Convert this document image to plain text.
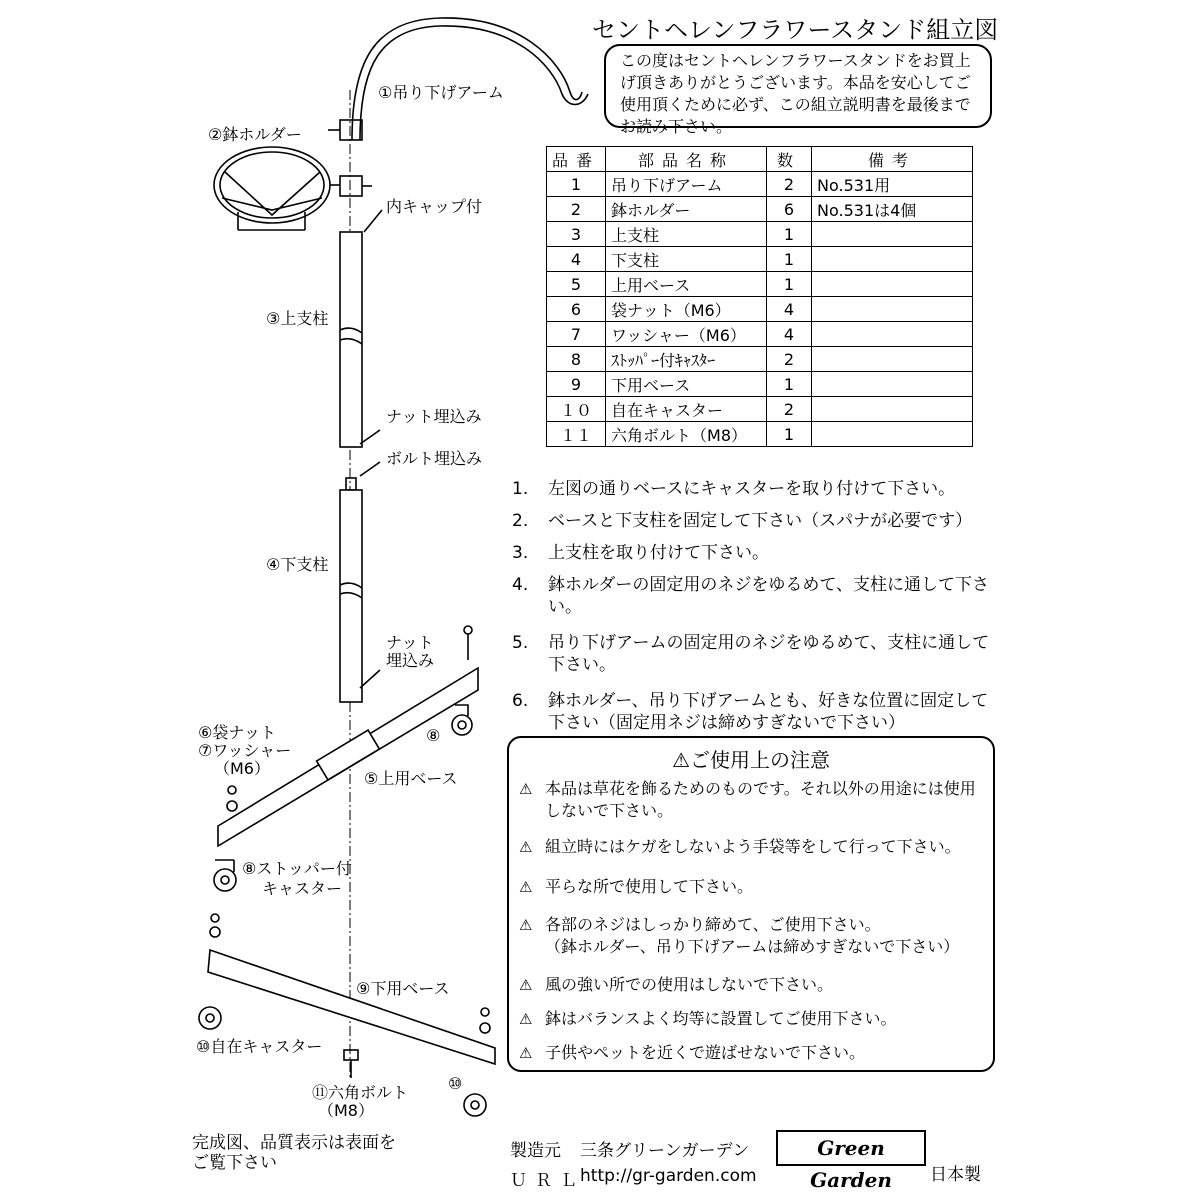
セントヘレンフラワースタンド組立図
この度はセントヘレンフラワースタンドをお買上げ頂きありがとうございます。本品を安心してご使用頂くために必ず、この組立説明書を最後までお読み下さい。
品番	部品名称	数	備考
1	吊り下げアーム	2	No.531用
2	鉢ホルダー	6	No.531は4個
3	上支柱	1	
4	下支柱	1	
5	上用ベース	1	
6	袋ナット（M6）	4	
7	ワッシャー（M6）	4	
8	ｽﾄｯﾊﾟｰ付ｷｬｽﾀｰ	2	
9	下用ベース	1	
１０	自在キャスター	2	
１１	六角ボルト（M8）	1	
1.	左図の通りベースにキャスターを取り付けて下さい。
2.	ベースと下支柱を固定して下さい（スパナが必要です）
3.	上支柱を取り付けて下さい。
4.	鉢ホルダーの固定用のネジをゆるめて、支柱に通して下さい。
5.	吊り下げアームの固定用のネジをゆるめて、支柱に通して下さい。
6.	鉢ホルダー、吊り下げアームとも、好きな位置に固定して下さい（固定用ネジは締めすぎないで下さい）
⚠ご使用上の注意
⚠ 本品は草花を飾るためのものです。それ以外の用途には使用しないで下さい。
⚠ 組立時にはケガをしないよう手袋等をして行って下さい。
⚠ 平らな所で使用して下さい。
⚠ 各部のネジはしっかり締めて、ご使用下さい。
（鉢ホルダー、吊り下げアームは締めすぎないで下さい）
⚠ 風の強い所での使用はしないで下さい。
⚠ 鉢はバランスよく均等に設置してご使用下さい。
⚠ 子供やペットを近くで遊ばせないで下さい。
①吊り下げアーム
②鉢ホルダー
内キャップ付
③上支柱
ナット埋込み
ボルト埋込み
④下支柱
ナット
埋込み
⑥袋ナット
⑦ワッシャー
（M6）
⑤上用ベース
⑧
⑧ストッパー付
キャスター
⑨下用ベース
⑩自在キャスター
⑪六角ボルト
（M8）
⑩
完成図、品質表示は表面を
ご覧下さい
製造元 三条グリーンガーデン
ＵＲＬ
http://gr-garden.com
Green Garden	日本製
